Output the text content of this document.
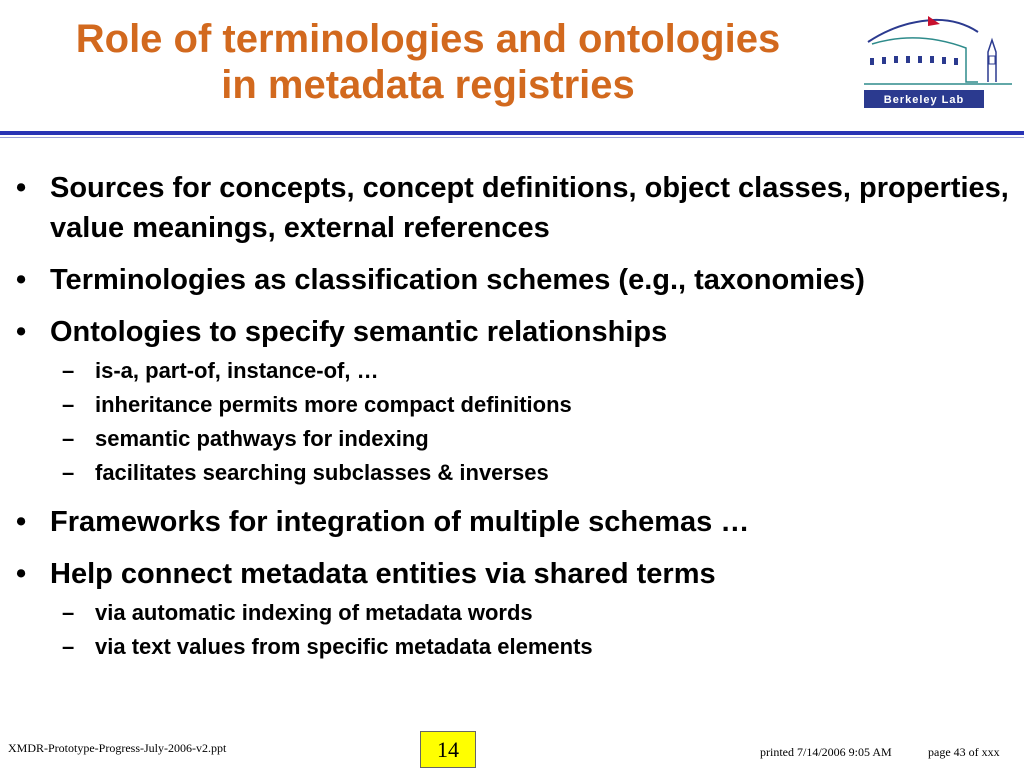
Role of terminologies and ontologies
in metadata registries	Berkeley Lab
• Sources for concepts, concept definitions, object classes, properties, value meanings, external references
• Terminologies as classification schemes (e.g., taxonomies)
• Ontologies to specify semantic relationships
– is-a, part-of, instance-of, …
– inheritance permits more compact definitions
– semantic pathways for indexing
– facilitates searching subclasses & inverses
• Frameworks for integration of multiple schemas …
• Help connect metadata entities via shared terms
– via automatic indexing of metadata words
– via text values from specific metadata elements
XMDR-Prototype-Progress-July-2006-v2.ppt	14	printed 7/14/2006 9:05 AM	page 43 of xxx
